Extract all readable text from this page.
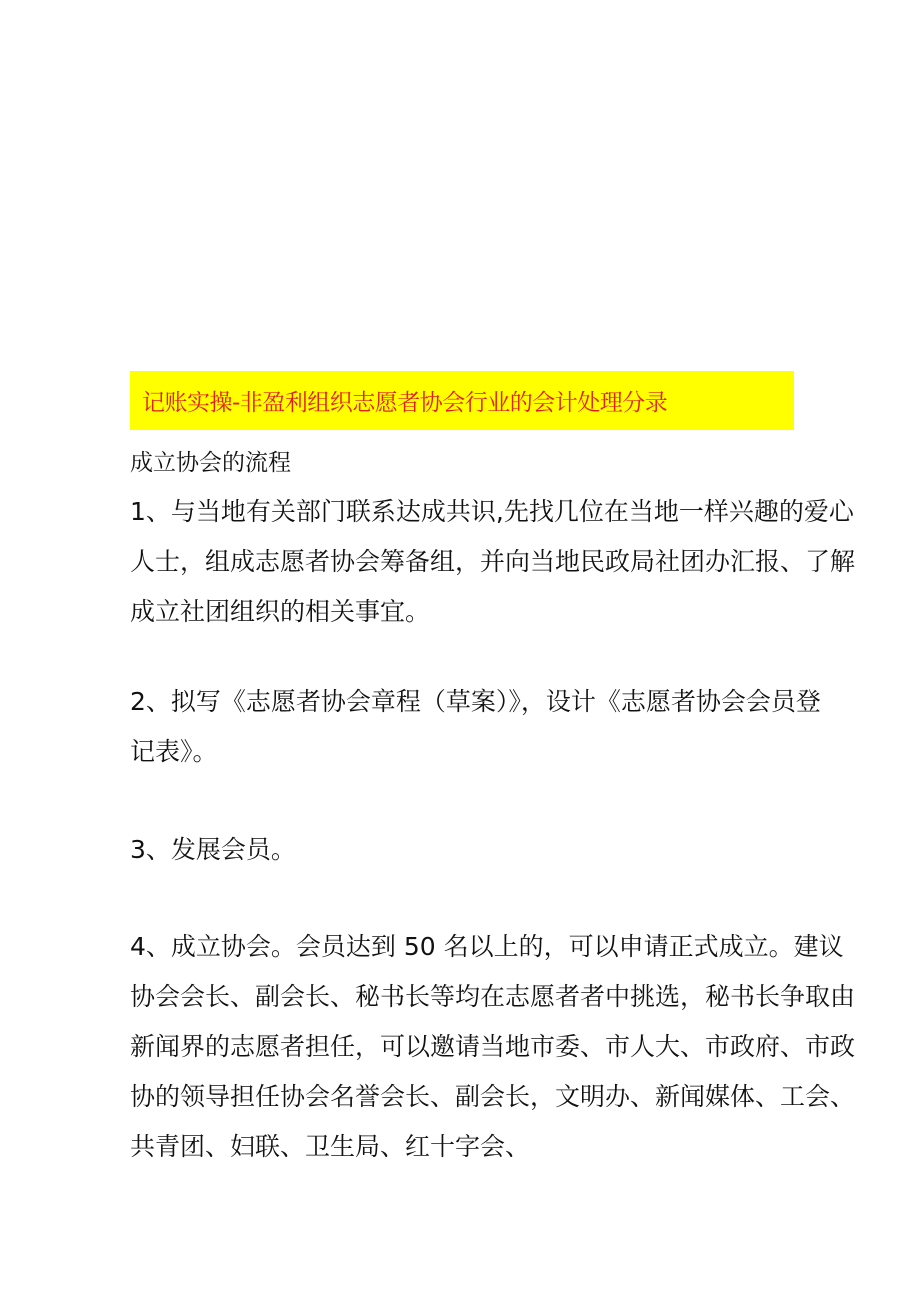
记账实操-非盈利组织志愿者协会行业的会计处理分录
成立协会的流程

1、与当地有关部门联系达成共识,先找几位在当地一样兴趣的爱心
人士，组成志愿者协会筹备组，并向当地民政局社团办汇报、了解
成立社团组织的相关事宜。

2、拟写《志愿者协会章程（草案）》，设计《志愿者协会会员登
记表》。

3、发展会员。

4、成立协会。会员达到 50 名以上的，可以申请正式成立。建议
协会会长、副会长、秘书长等均在志愿者者中挑选，秘书长争取由
新闻界的志愿者担任，可以邀请当地市委、市人大、市政府、市政
协的领导担任协会名誉会长、副会长，文明办、新闻媒体、工会、
共青团、妇联、卫生局、红十字会、
